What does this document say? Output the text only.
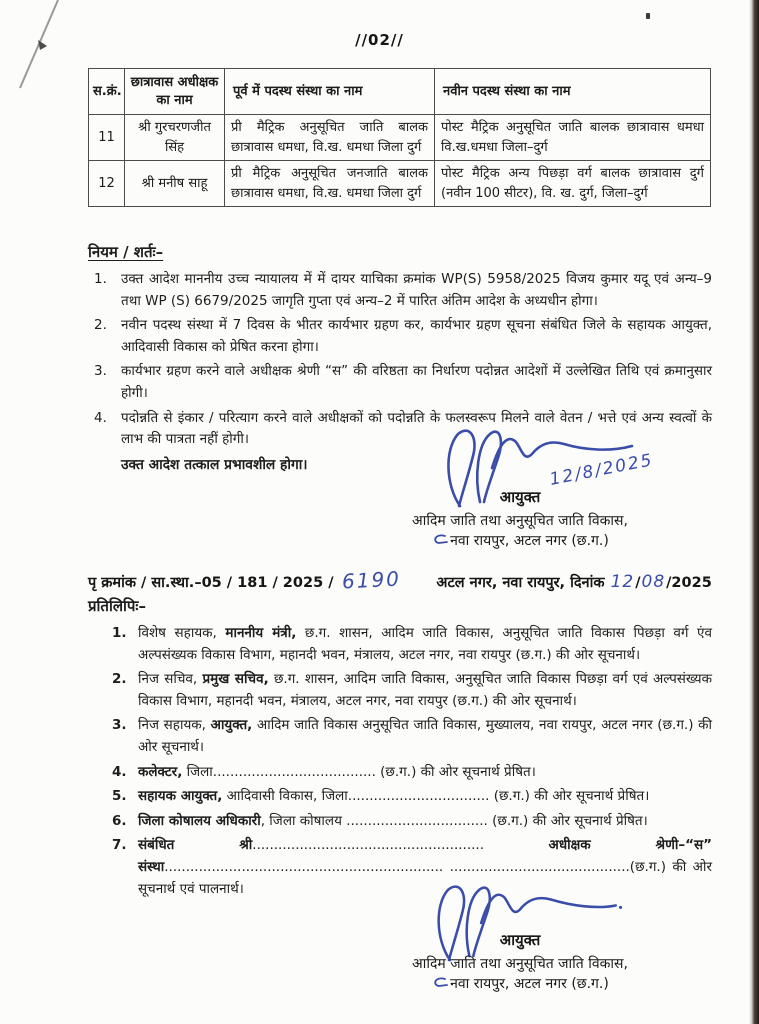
//02//
स.क्रं.	छात्रावास अधीक्षक का नाम	पूर्व में पदस्थ संस्था का नाम	नवीन पदस्थ संस्था का नाम
11	श्री गुरचरणजीत सिंह	प्री मैट्रिक अनुसूचित जाति बालक छात्रावास धमधा, वि.ख. धमधा जिला दुर्ग	पोस्ट मैट्रिक अनुसूचित जाति बालक छात्रावास धमधा वि.ख.धमधा जिला–दुर्ग
12	श्री मनीष साहू	प्री मैट्रिक अनुसूचित जनजाति बालक छात्रावास धमधा, वि.ख. धमधा जिला दुर्ग	पोस्ट मैट्रिक अन्य पिछड़ा वर्ग बालक छात्रावास दुर्ग (नवीन 100 सीटर), वि. ख. दुर्ग, जिला–दुर्ग
नियम / शर्तः–
1.	उक्त आदेश माननीय उच्च न्यायालय में में दायर याचिका क्रमांक WP(S) 5958/2025 विजय कुमार यदू एवं अन्य–9 तथा WP (S) 6679/2025 जागृति गुप्ता एवं अन्य–2 में पारित अंतिम आदेश के अध्यधीन होगा।
2.	नवीन पदस्थ संस्था में 7 दिवस के भीतर कार्यभार ग्रहण कर, कार्यभार ग्रहण सूचना संबंधित जिले के सहायक आयुक्त, आदिवासी विकास को प्रेषित करना होगा।
3.	कार्यभार ग्रहण करने वाले अधीक्षक श्रेणी “स” की वरिष्ठता का निर्धारण पदोन्नत आदेशों में उल्लेखित तिथि एवं क्रमानुसार होगी।
4.	पदोन्नति से इंकार / परित्याग करने वाले अधीक्षकों को पदोन्नति के फलस्वरूप मिलने वाले वेतन / भत्ते एवं अन्य स्वत्वों के लाभ की पात्रता नहीं होगी।
उक्त आदेश तत्काल प्रभावशील होगा।	12/8/2025
आयुक्त
आदिम जाति तथा अनुसूचित जाति विकास,
नवा रायपुर, अटल नगर (छ.ग.)
पृ क्रमांक / सा.स्था.–05 / 181 / 2025 / 6190 अटल नगर, नवा रायपुर, दिनांक
12 / 08 /2025
प्रतिलिपिः–
1. विशेष सहायक, माननीय मंत्री, छ.ग. शासन, आदिम जाति विकास, अनुसूचित जाति विकास पिछड़ा वर्ग एंव अल्पसंख्यक विकास विभाग, महानदी भवन, मंत्रालय, अटल नगर, नवा रायपुर (छ.ग.) की ओर सूचनार्थ।
2. निज सचिव, प्रमुख सचिव, छ.ग. शासन, आदिम जाति विकास, अनुसूचित जाति विकास पिछड़ा वर्ग एवं अल्पसंख्यक विकास विभाग, महानदी भवन, मंत्रालय, अटल नगर, नवा रायपुर (छ.ग.) की ओर सूचनार्थ।
3. निज सहायक, आयुक्त, आदिम जाति विकास अनुसूचित जाति विकास, मुख्यालय, नवा रायपुर, अटल नगर (छ.ग.) की ओर सूचनार्थ।
4. कलेक्टर, जिला...................................... (छ.ग.) की ओर सूचनार्थ प्रेषित।
5. सहायक आयुक्त, आदिवासी विकास, जिला................................. (छ.ग.) की ओर सूचनार्थ प्रेषित।
6. जिला कोषालय अधिकारी, जिला कोषालय ................................. (छ.ग.) की ओर सूचनार्थ प्रेषित।
7. संबंधित श्री...................................................... अधीक्षक श्रेणी–“स” संस्था................................................................. ..........................................(छ.ग.) की ओर सूचनार्थ एवं पालनार्थ।
आयुक्त
आदिम जाति तथा अनुसूचित जाति विकास,
नवा रायपुर, अटल नगर (छ.ग.)
